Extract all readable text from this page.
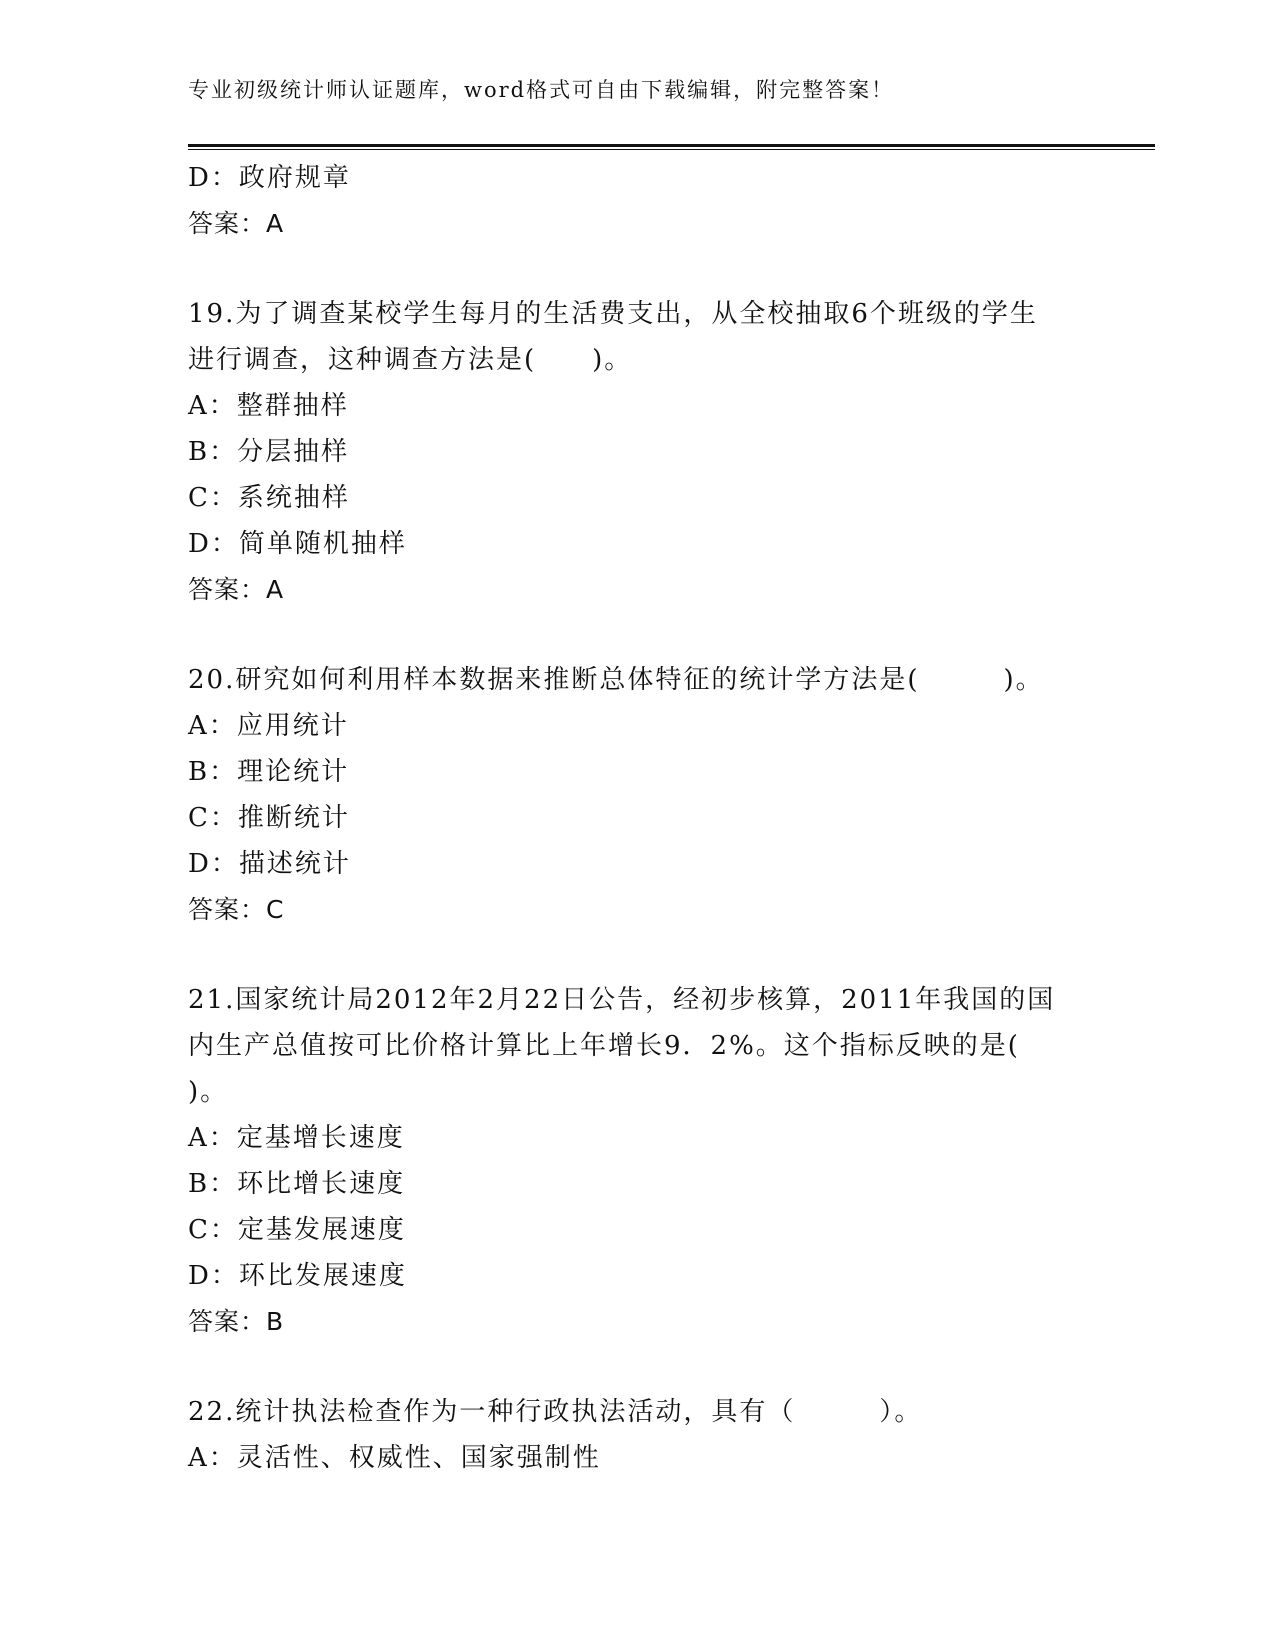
专业初级统计师认证题库，word格式可自由下载编辑，附完整答案！
D：政府规章
答案：A
19.为了调查某校学生每月的生活费支出，从全校抽取6个班级的学生
进行调查，这种调查方法是(　　)。
A：整群抽样
B：分层抽样
C：系统抽样
D：简单随机抽样
答案：A
20.研究如何利用样本数据来推断总体特征的统计学方法是(　　　)。
A：应用统计
B：理论统计
C：推断统计
D：描述统计
答案：C
21.国家统计局2012年2月22日公告，经初步核算，2011年我国的国
内生产总值按可比价格计算比上年增长9．2%。这个指标反映的是(
)。
A：定基增长速度
B：环比增长速度
C：定基发展速度
D：环比发展速度
答案：B
22.统计执法检查作为一种行政执法活动，具有（　　　）。
A：灵活性、权威性、国家强制性
